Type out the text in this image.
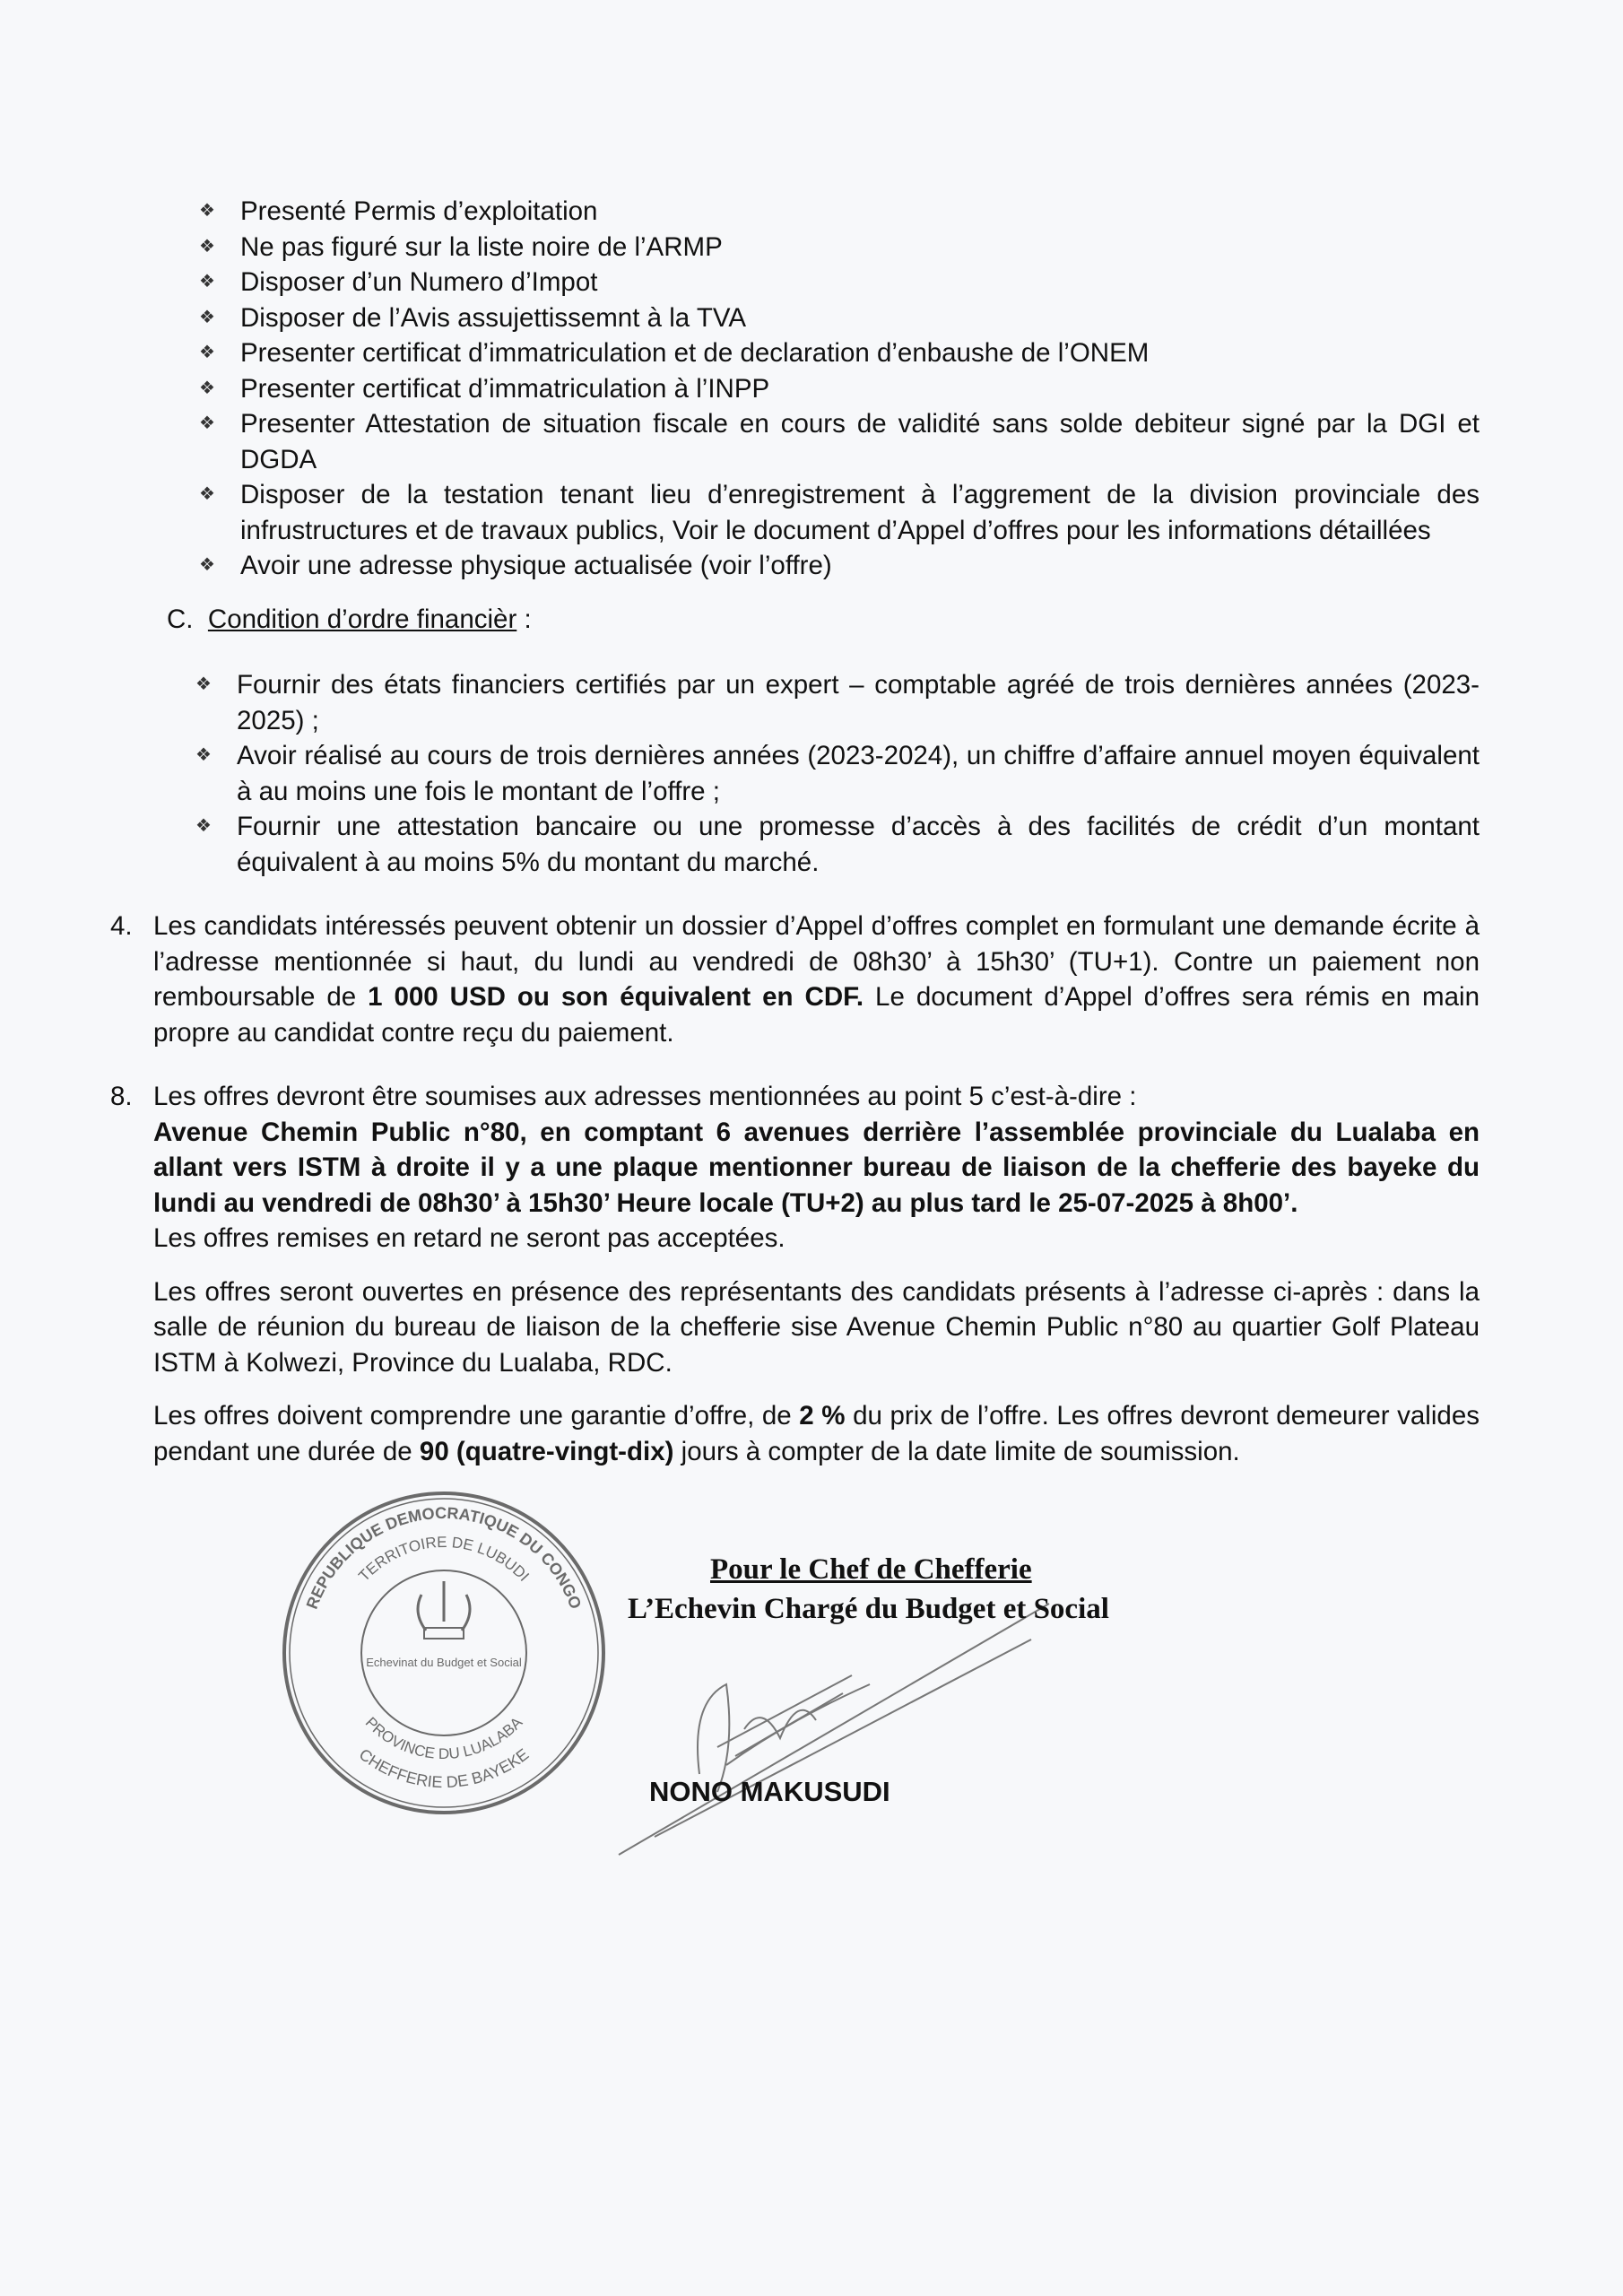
❖ Presenté Permis d’exploitation
❖ Ne pas figuré sur la liste noire de l’ARMP
❖ Disposer d’un Numero d’Impot
❖ Disposer de l’Avis assujettissemnt à la TVA
❖ Presenter certificat d’immatriculation et de declaration d’enbaushe de l’ONEM
❖ Presenter certificat d’immatriculation à l’INPP
❖ Presenter Attestation de situation fiscale en cours de validité sans solde debiteur signé par la DGI et DGDA
❖ Disposer de la testation tenant lieu d’enregistrement à l’aggrement de la division provinciale des infrustructures et de travaux publics, Voir le document d’Appel d’offres pour les informations détaillées
❖ Avoir une adresse physique actualisée (voir l’offre)

C. Condition d’ordre financièr :

❖ Fournir des états financiers certifiés par un expert – comptable agréé de trois dernières années (2023-2025) ;
❖ Avoir réalisé au cours de trois dernières années (2023-2024), un chiffre d’affaire annuel moyen équivalent à au moins une fois le montant de l’offre ;
❖ Fournir une attestation bancaire ou une promesse d’accès à des facilités de crédit d’un montant équivalent à au moins 5% du montant du marché.
4. Les candidats intéressés peuvent obtenir un dossier d’Appel d’offres complet en formulant une demande écrite à l’adresse mentionnée si haut, du lundi au vendredi de 08h30’ à 15h30’ (TU+1). Contre un paiement non remboursable de 1 000 USD ou son équivalent en CDF. Le document d’Appel d’offres sera rémis en main propre au candidat contre reçu du paiement.

8. Les offres devront être soumises aux adresses mentionnées au point 5 c’est-à-dire :

Avenue Chemin Public n°80, en comptant 6 avenues derrière l’assemblée provinciale du Lualaba en allant vers ISTM à droite il y a une plaque mentionner bureau de liaison de la chefferie des bayeke du lundi au vendredi de 08h30’ à 15h30’ Heure locale (TU+2) au plus tard le 25-07-2025 à 8h00’.

Les offres remises en retard ne seront pas acceptées.

Les offres seront ouvertes en présence des représentants des candidats présents à l’adresse ci-après : dans la salle de réunion du bureau de liaison de la chefferie sise Avenue Chemin Public n°80 au quartier Golf Plateau ISTM à Kolwezi, Province du Lualaba, RDC.

Les offres doivent comprendre une garantie d’offre, de 2 % du prix de l’offre. Les offres devront demeurer valides pendant une durée de 90 (quatre-vingt-dix) jours à compter de la date limite de soumission.

REPUBLIQUE DEMOCRATIQUE DU CONGO
TERRITOIRE DE LUBUDI
CHEFFERIE DE BAYEKE
PROVINCE DU LUALABA
Echevinat du Budget et Social

Pour le Chef de Chefferie

L’Echevin Chargé du Budget et Social

NONO MAKUSUDI
